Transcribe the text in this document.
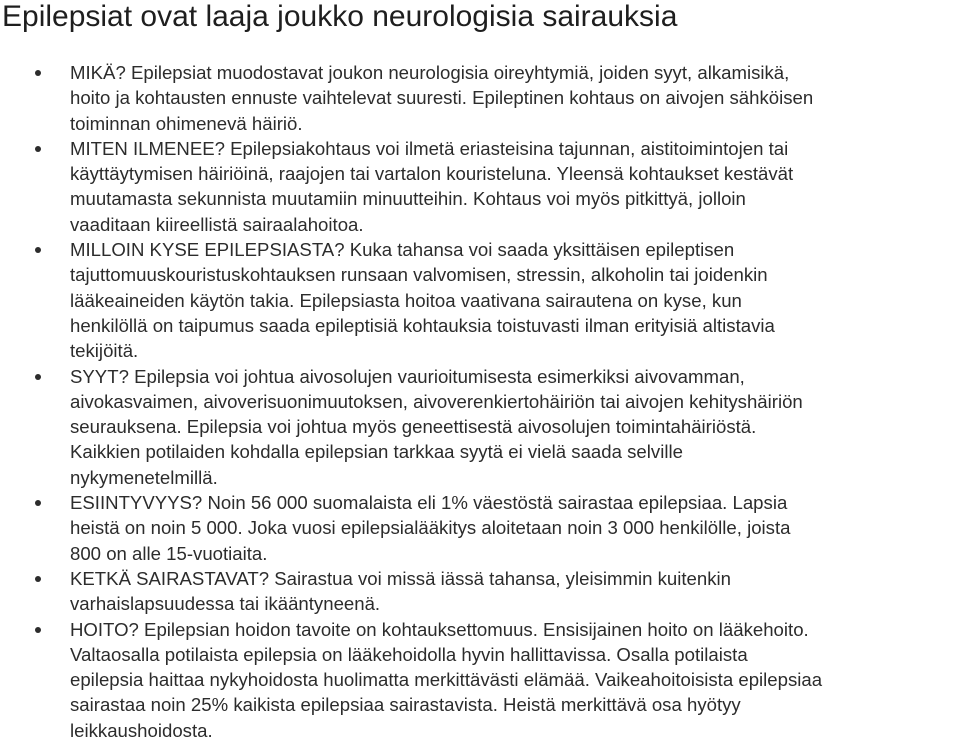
Epilepsiat ovat laaja joukko neurologisia sairauksia
MIKÄ? Epilepsiat muodostavat joukon neurologisia oireyhtymiä, joiden syyt, alkamisikä,
hoito ja kohtausten ennuste vaihtelevat suuresti. Epileptinen kohtaus on aivojen sähköisen
toiminnan ohimenevä häiriö.
MITEN ILMENEE? Epilepsiakohtaus voi ilmetä eriasteisina tajunnan, aistitoimintojen tai
käyttäytymisen häiriöinä, raajojen tai vartalon kouristeluna. Yleensä kohtaukset kestävät
muutamasta sekunnista muutamiin minuutteihin. Kohtaus voi myös pitkittyä, jolloin
vaaditaan kiireellistä sairaalahoitoa.
MILLOIN KYSE EPILEPSIASTA? Kuka tahansa voi saada yksittäisen epileptisen
tajuttomuuskouristuskohtauksen runsaan valvomisen, stressin, alkoholin tai joidenkin
lääkeaineiden käytön takia. Epilepsiasta hoitoa vaativana sairautena on kyse, kun
henkilöllä on taipumus saada epileptisiä kohtauksia toistuvasti ilman erityisiä altistavia
tekijöitä.
SYYT? Epilepsia voi johtua aivosolujen vaurioitumisesta esimerkiksi aivovamman,
aivokasvaimen, aivoverisuonimuutoksen, aivoverenkiertohäiriön tai aivojen kehityshäiriön
seurauksena. Epilepsia voi johtua myös geneettisestä aivosolujen toimintahäiriöstä.
Kaikkien potilaiden kohdalla epilepsian tarkkaa syytä ei vielä saada selville
nykymenetelmillä.
ESIINTYVYYS? Noin 56 000 suomalaista eli 1% väestöstä sairastaa epilepsiaa. Lapsia
heistä on noin 5 000. Joka vuosi epilepsialääkitys aloitetaan noin 3 000 henkilölle, joista
800 on alle 15-vuotiaita.
KETKÄ SAIRASTAVAT? Sairastua voi missä iässä tahansa, yleisimmin kuitenkin
varhaislapsuudessa tai ikääntyneenä.
HOITO? Epilepsian hoidon tavoite on kohtauksettomuus. Ensisijainen hoito on lääkehoito.
Valtaosalla potilaista epilepsia on lääkehoidolla hyvin hallittavissa. Osalla potilaista
epilepsia haittaa nykyhoidosta huolimatta merkittävästi elämää. Vaikeahoitoisista epilepsiaa
sairastaa noin 25% kaikista epilepsiaa sairastavista. Heistä merkittävä osa hyötyy
leikkaushoidosta.
